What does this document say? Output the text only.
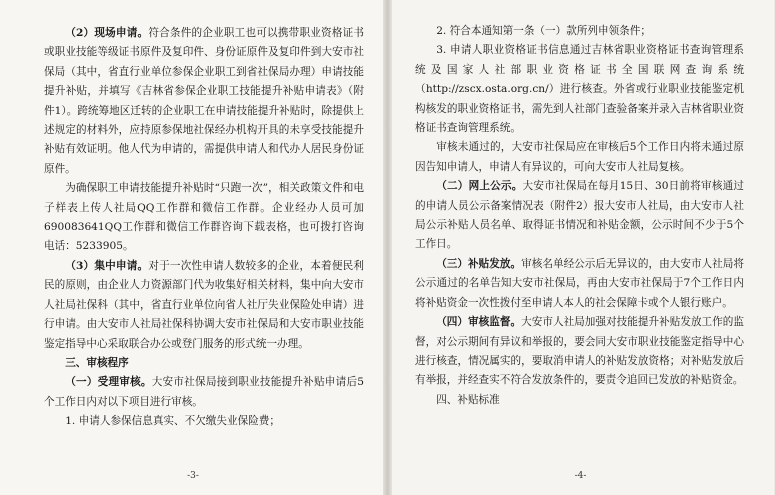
（2）现场申请。符合条件的企业职工也可以携带职业资格证书或职业技能等级证书原件及复印件、身份证原件及复印件到大安市社保局（其中，省直行业单位参保企业职工到省社保局办理）申请技能提升补贴，并填写《吉林省参保企业职工技能提升补贴申请表》（附件1）。跨统筹地区迁转的企业职工在申请技能提升补贴时，除提供上述规定的材料外，应持原参保地社保经办机构开具的未享受技能提升补贴有效证明。他人代为申请的，需提供申请人和代办人居民身份证原件。

为确保职工申请技能提升补贴时“只跑一次”，相关政策文件和电子样表上传人社局QQ工作群和微信工作群。企业经办人员可加690083641QQ工作群和微信工作群咨询下载表格，也可拨打咨询电话：5233905。

（3）集中申请。对于一次性申请人数较多的企业，本着便民利民的原则，由企业人力资源部门代为收集好相关材料，集中向大安市人社局社保科（其中，省直行业单位向省人社厅失业保险处申请）进行申请。由大安市人社局社保科协调大安市社保局和大安市职业技能鉴定指导中心采取联合办公或登门服务的形式统一办理。

三、审核程序

（一）受理审核。大安市社保局接到职业技能提升补贴申请后5个工作日内对以下项目进行审核。

1. 申请人参保信息真实、不欠缴失业保险费；

-3-

2. 符合本通知第一条（一）款所列申领条件；

3. 申请人职业资格证书信息通过吉林省职业资格证书查询管理系统及国家人社部职业资格证书全国联网查询系统（http://zscx.osta.org.cn/）进行核查。外省或行业职业技能鉴定机构核发的职业资格证书，需先到人社部门查验备案并录入吉林省职业资格证书查询管理系统。

审核未通过的，大安市社保局应在审核后5个工作日内将未通过原因告知申请人，申请人有异议的，可向大安市人社局复核。

（二）网上公示。大安市社保局在每月15日、30日前将审核通过的申请人员公示备案情况表（附件2）报大安市人社局，由大安市人社局公示补贴人员名单、取得证书情况和补贴金额，公示时间不少于5个工作日。

（三）补贴发放。审核名单经公示后无异议的，由大安市人社局将公示通过的名单告知大安市社保局，再由大安市社保局于7个工作日内将补贴资金一次性拨付至申请人本人的社会保障卡或个人银行账户。

（四）审核监督。大安市人社局加强对技能提升补贴发放工作的监督，对公示期间有异议和举报的，要会同大安市职业技能鉴定指导中心进行核查，情况属实的，要取消申请人的补贴发放资格；对补贴发放后有举报，并经查实不符合发放条件的，要责令追回已发放的补贴资金。

四、补贴标准

-4-
